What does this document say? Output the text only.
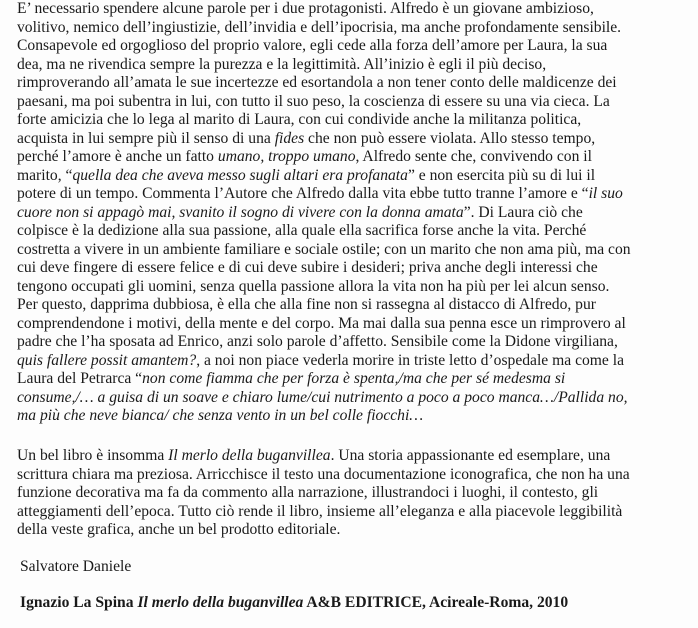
E’ necessario spendere alcune parole per i due protagonisti. Alfredo è un giovane ambizioso,
volitivo, nemico dell’ingiustizie, dell’invidia e dell’ipocrisia, ma anche profondamente sensibile.
Consapevole ed orgoglioso del proprio valore, egli cede alla forza dell’amore per Laura, la sua
dea, ma ne rivendica sempre la purezza e la legittimità. All’inizio è egli il più deciso,
rimproverando all’amata le sue incertezze ed esortandola a non tener conto delle maldicenze dei
paesani, ma poi subentra in lui, con tutto il suo peso, la coscienza di essere su una via cieca. La
forte amicizia che lo lega al marito di Laura, con cui condivide anche la militanza politica,
acquista in lui sempre più il senso di una fides che non può essere violata. Allo stesso tempo,
perché l’amore è anche un fatto umano, troppo umano, Alfredo sente che, convivendo con il
marito, “quella dea che aveva messo sugli altari era profanata” e non esercita più su di lui il
potere di un tempo. Commenta l’Autore che Alfredo dalla vita ebbe tutto tranne l’amore e “il suo
cuore non si appagò mai, svanito il sogno di vivere con la donna amata”. Di Laura ciò che
colpisce è la dedizione alla sua passione, alla quale ella sacrifica forse anche la vita. Perché
costretta a vivere in un ambiente familiare e sociale ostile; con un marito che non ama più, ma con
cui deve fingere di essere felice e di cui deve subire i desideri; priva anche degli interessi che
tengono occupati gli uomini, senza quella passione allora la vita non ha più per lei alcun senso.
Per questo, dapprima dubbiosa, è ella che alla fine non si rassegna al distacco di Alfredo, pur
comprendendone i motivi, della mente e del corpo. Ma mai dalla sua penna esce un rimprovero al
padre che l’ha sposata ad Enrico, anzi solo parole d’affetto. Sensibile come la Didone virgiliana,
quis fallere possit amantem?, a noi non piace vederla morire in triste letto d’ospedale ma come la
Laura del Petrarca “non come fiamma che per forza è spenta,/ma che per sé medesma si
consume,/… a guisa di un soave e chiaro lume/cui nutrimento a poco a poco manca…/Pallida no,
ma più che neve bianca/ che senza vento in un bel colle fiocchi…

Un bel libro è insomma Il merlo della buganvillea. Una storia appassionante ed esemplare, una
scrittura chiara ma preziosa. Arricchisce il testo una documentazione iconografica, che non ha una
funzione decorativa ma fa da commento alla narrazione, illustrandoci i luoghi, il contesto, gli
atteggiamenti dell’epoca. Tutto ciò rende il libro, insieme all’eleganza e alla piacevole leggibilità
della veste grafica, anche un bel prodotto editoriale.

Salvatore Daniele

Ignazio La Spina Il merlo della buganvillea A&B EDITRICE, Acireale-Roma, 2010
